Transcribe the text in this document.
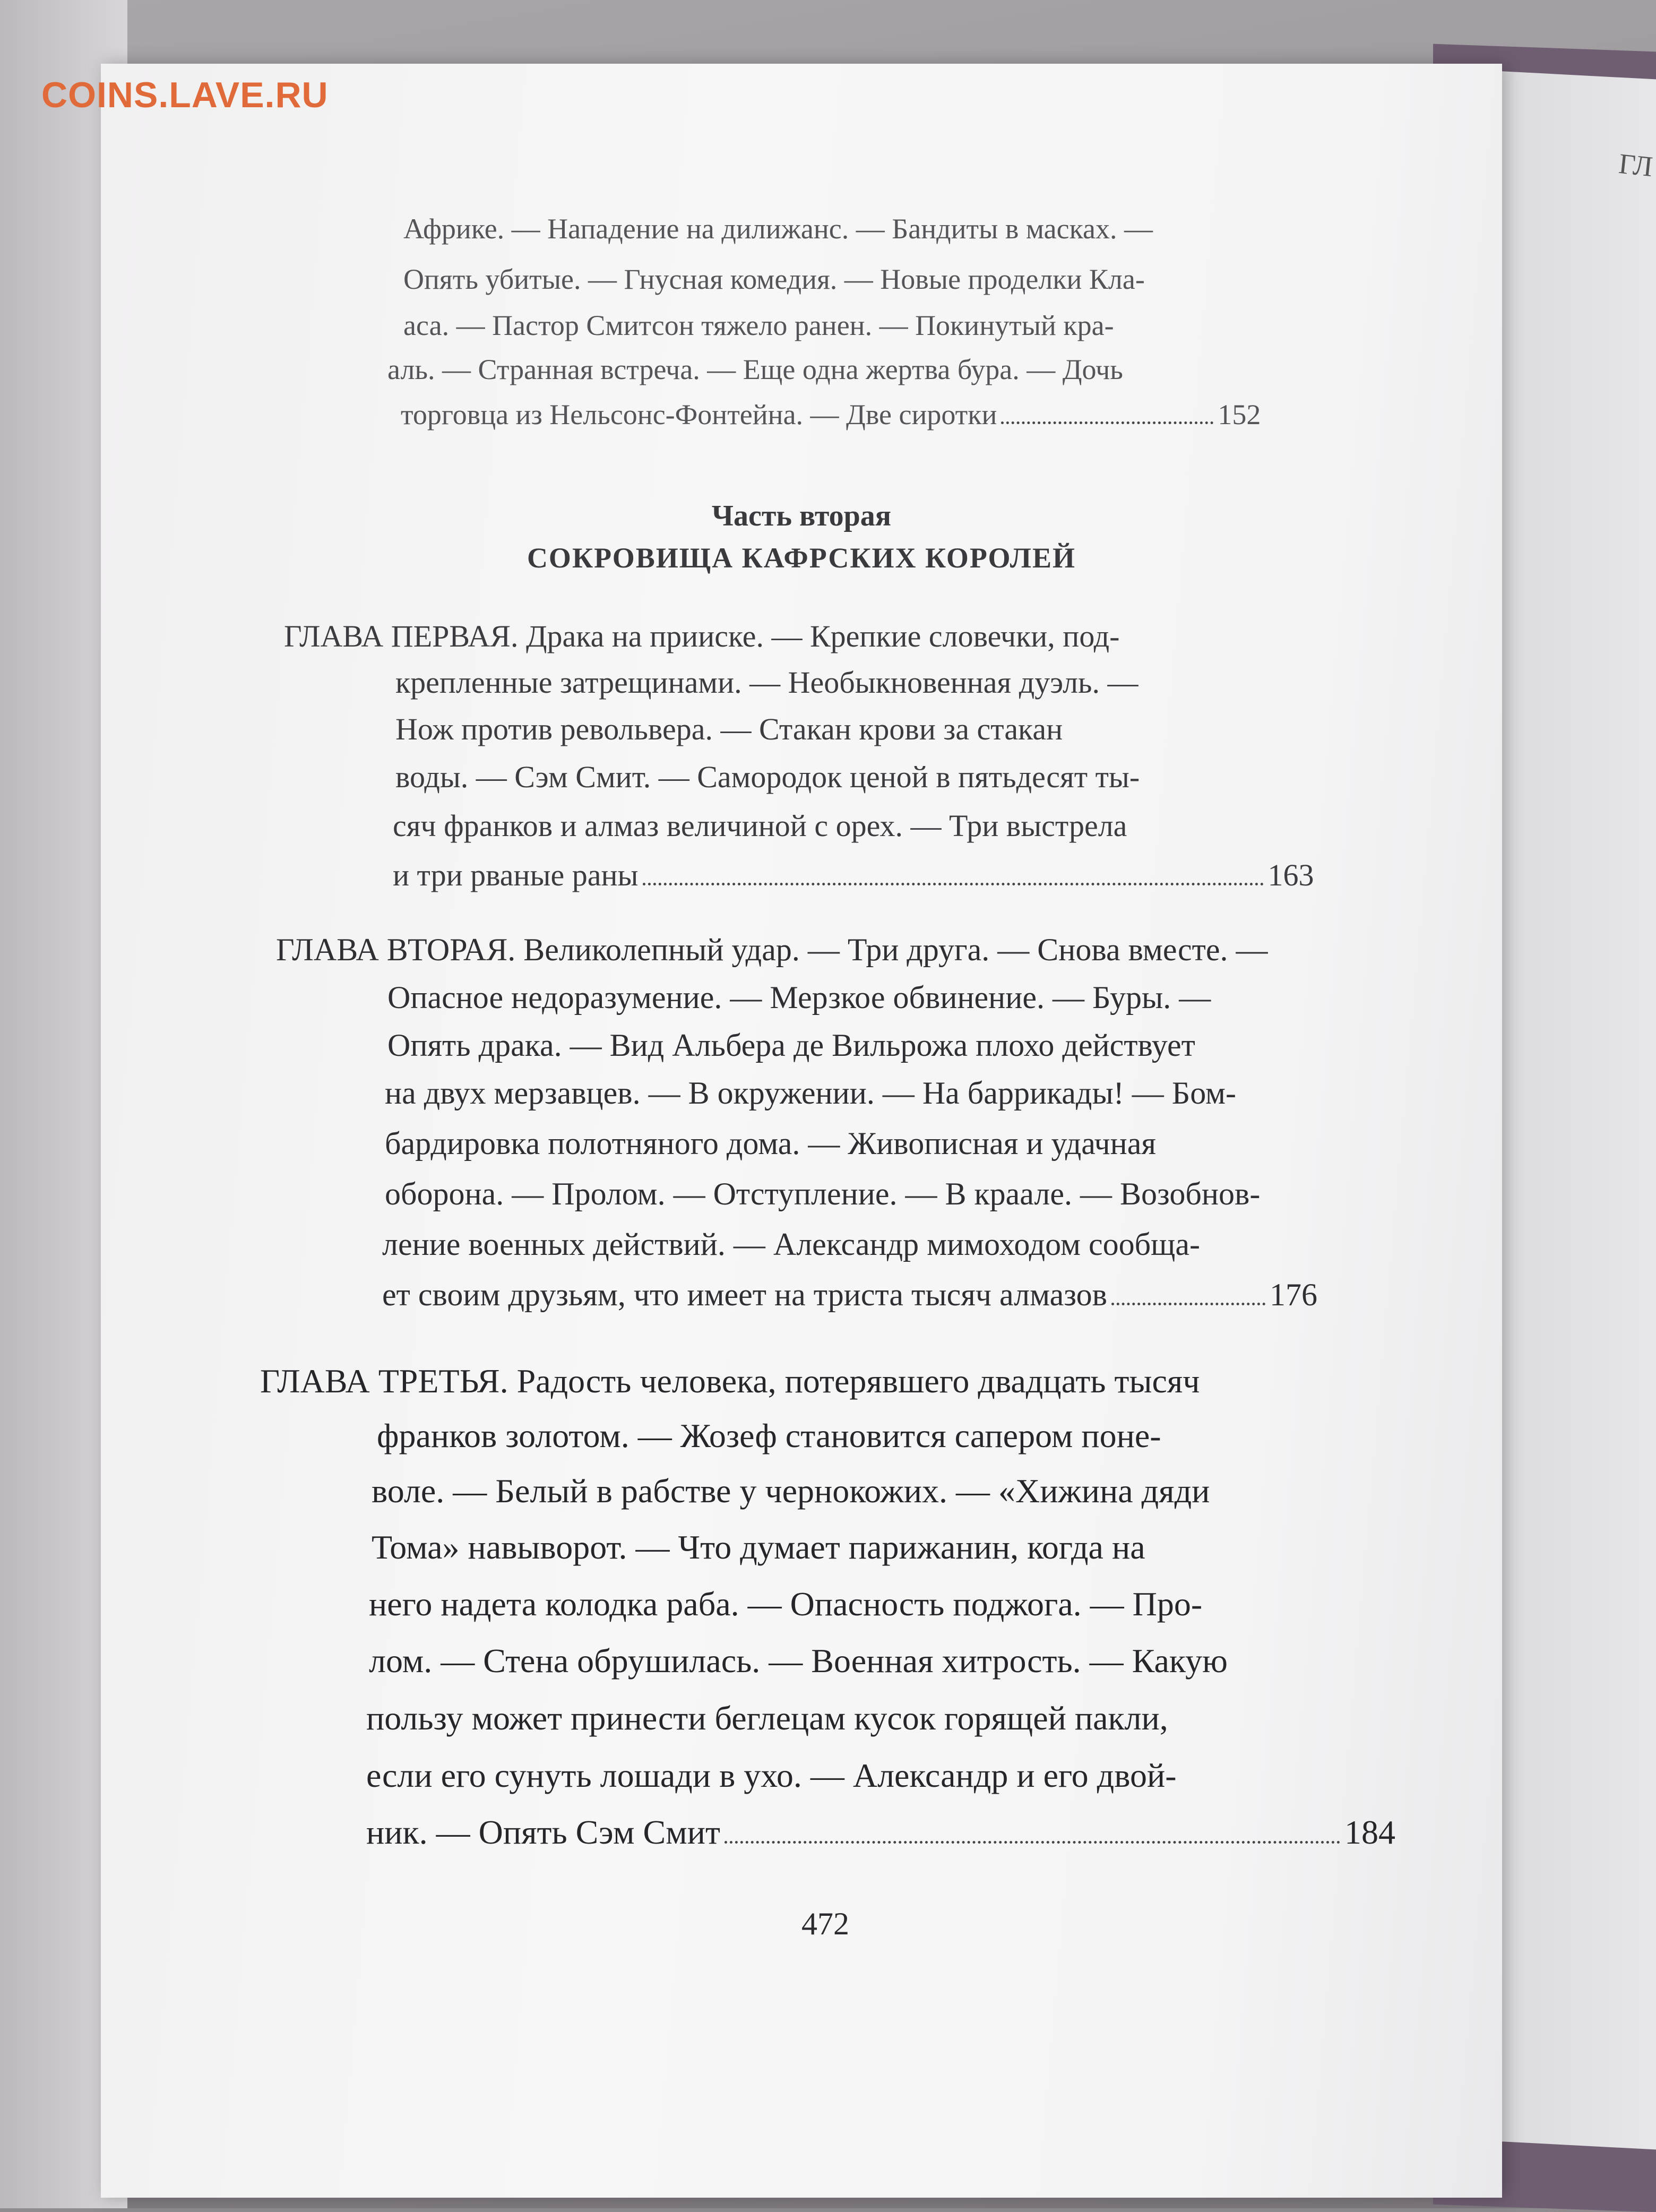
ГЛ
COINS.LAVE.RU
Африке. — Нападение на дилижанс. — Бандиты в масках. —
Опять убитые. — Гнусная комедия. — Новые проделки Кла-
аса. — Пастор Смитсон тяжело ранен. — Покинутый кра-
аль. — Странная встреча. — Еще одна жертва бура. — Дочь
торговца из Нельсонс-Фонтейна. — Две сиротки	152
Часть вторая
СОКРОВИЩА КАФРСКИХ КОРОЛЕЙ
ГЛАВА ПЕРВАЯ. Драка на прииске. — Крепкие словечки, под-
крепленные затрещинами. — Необыкновенная дуэль. —
Нож против револьвера. — Стакан крови за стакан
воды. — Сэм Смит. — Самородок ценой в пятьдесят ты-
сяч франков и алмаз величиной с орех. — Три выстрела
и три рваные раны	163
ГЛАВА ВТОРАЯ. Великолепный удар. — Три друга. — Снова вместе. —
Опасное недоразумение. — Мерзкое обвинение. — Буры. —
Опять драка. — Вид Альбера де Вильрожа плохо действует
на двух мерзавцев. — В окружении. — На баррикады! — Бом-
бардировка полотняного дома. — Живописная и удачная
оборона. — Пролом. — Отступление. — В краале. — Возобнов-
ление военных действий. — Александр мимоходом сообща-
ет своим друзьям, что имеет на триста тысяч алмазов	176
ГЛАВА ТРЕТЬЯ. Радость человека, потерявшего двадцать тысяч
франков золотом. — Жозеф становится сапером поне-
воле. — Белый в рабстве у чернокожих. — «Хижина дяди
Тома» навыворот. — Что думает парижанин, когда на
него надета колодка раба. — Опасность поджога. — Про-
лом. — Стена обрушилась. — Военная хитрость. — Какую
пользу может принести беглецам кусок горящей пакли,
если его сунуть лошади в ухо. — Александр и его двой-
ник. — Опять Сэм Смит	184
472
